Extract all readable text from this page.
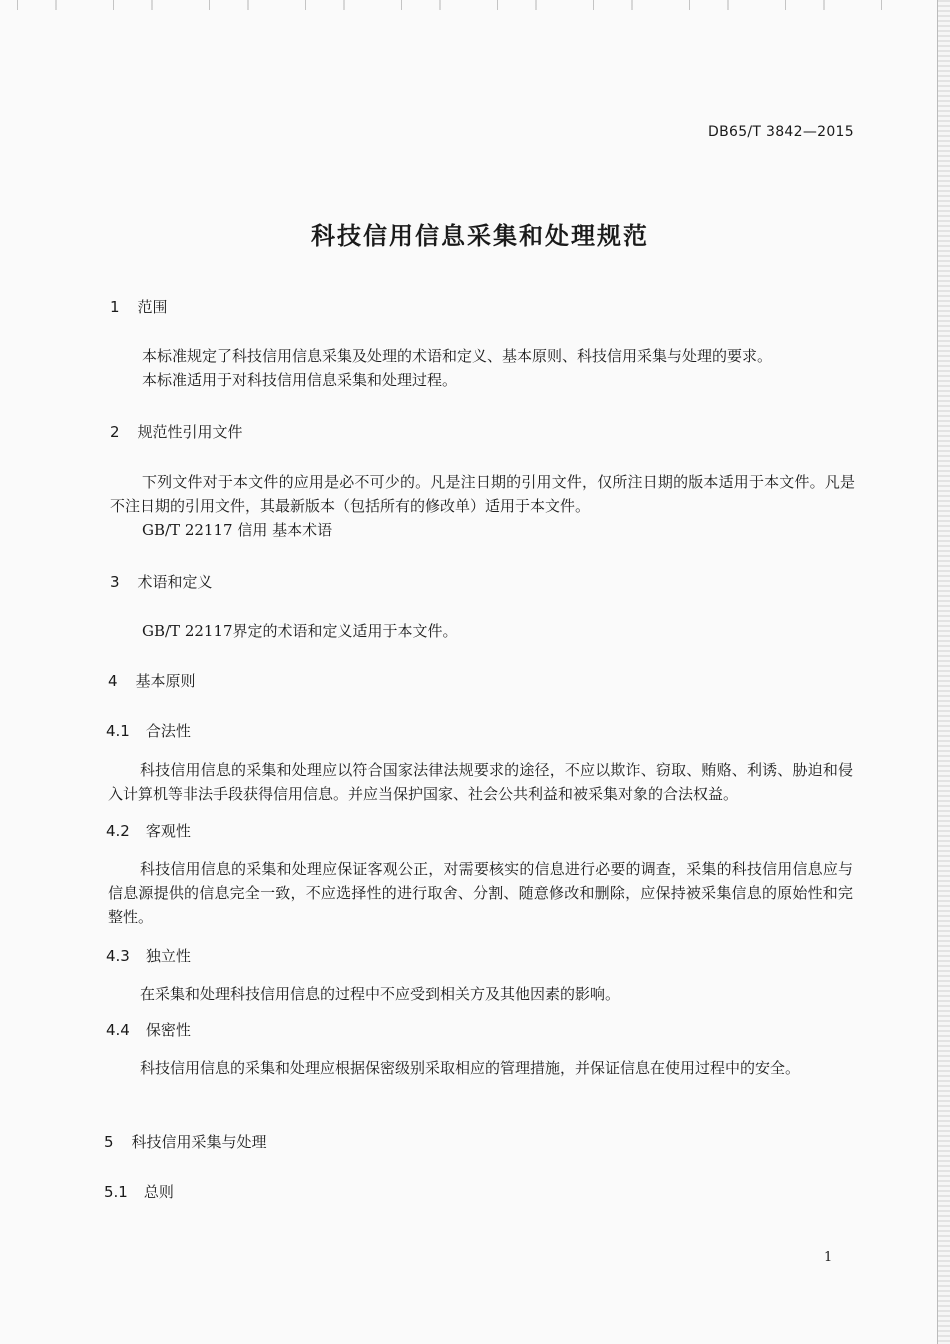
DB65/T 3842—2015
科技信用信息采集和处理规范
1 范围
本标准规定了科技信用信息采集及处理的术语和定义、基本原则、科技信用采集与处理的要求。
本标准适用于对科技信用信息采集和处理过程。
2 规范性引用文件
下列文件对于本文件的应用是必不可少的。凡是注日期的引用文件，仅所注日期的版本适用于本文件。凡是不注日期的引用文件，其最新版本（包括所有的修改单）适用于本文件。
GB/T 22117 信用 基本术语
3 术语和定义
GB/T 22117界定的术语和定义适用于本文件。
4 基本原则
4.1 合法性
科技信用信息的采集和处理应以符合国家法律法规要求的途径，不应以欺诈、窃取、贿赂、利诱、胁迫和侵入计算机等非法手段获得信用信息。并应当保护国家、社会公共利益和被采集对象的合法权益。
4.2 客观性
科技信用信息的采集和处理应保证客观公正，对需要核实的信息进行必要的调查，采集的科技信用信息应与信息源提供的信息完全一致，不应选择性的进行取舍、分割、随意修改和删除，应保持被采集信息的原始性和完整性。
4.3 独立性
在采集和处理科技信用信息的过程中不应受到相关方及其他因素的影响。
4.4 保密性
科技信用信息的采集和处理应根据保密级别采取相应的管理措施，并保证信息在使用过程中的安全。
5 科技信用采集与处理
5.1 总则
1
